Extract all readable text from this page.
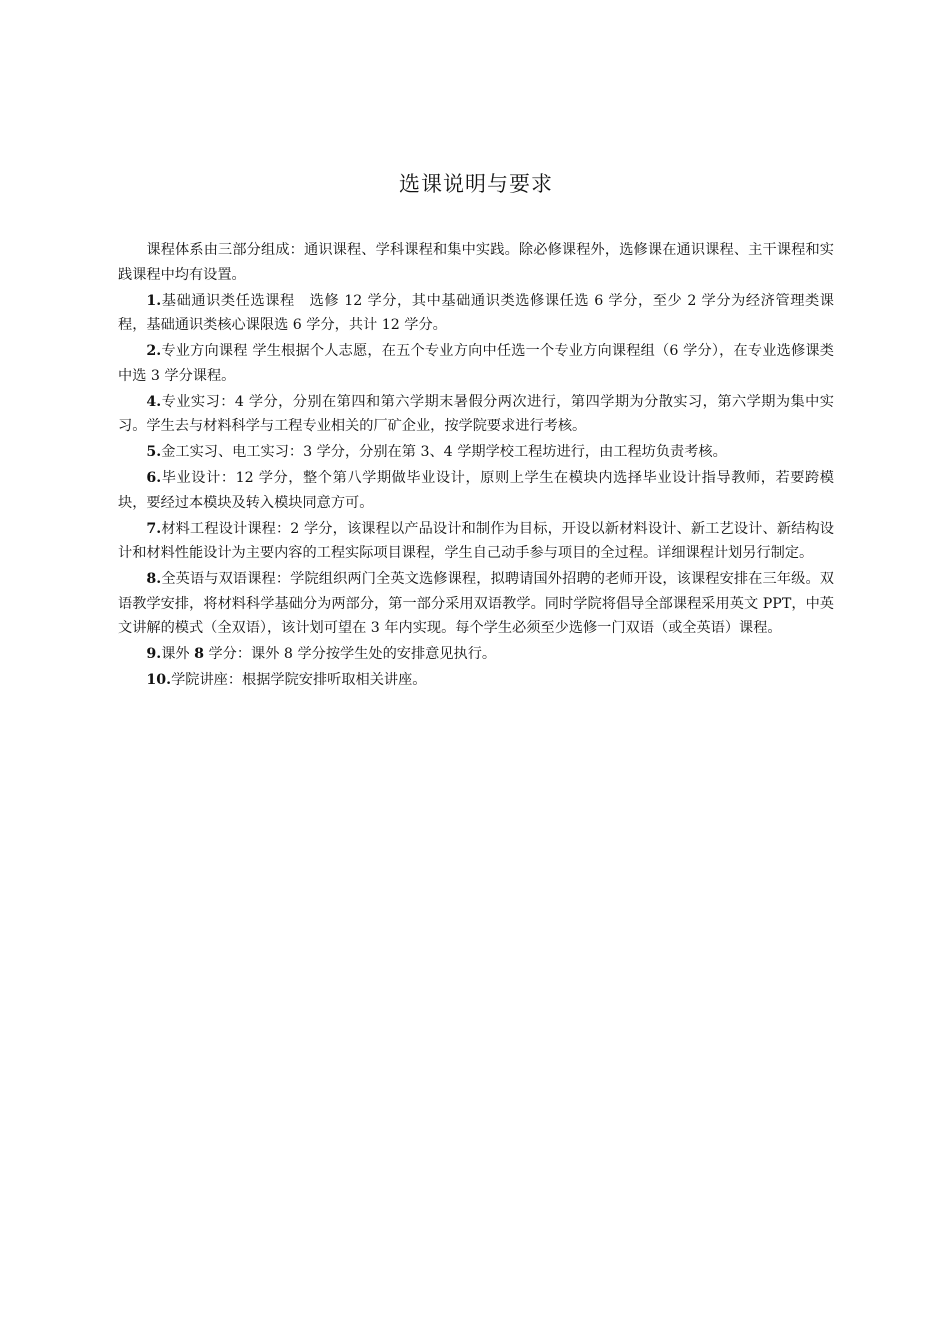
选课说明与要求

课程体系由三部分组成：通识课程、学科课程和集中实践。除必修课程外，选修课在通识课程、主干课程和实践课程中均有设置。

1.基础通识类任选课程　选修 12 学分，其中基础通识类选修课任选 6 学分，至少 2 学分为经济管理类课程，基础通识类核心课限选 6 学分，共计 12 学分。

2.专业方向课程 学生根据个人志愿，在五个专业方向中任选一个专业方向课程组（6 学分），在专业选修课类中选 3 学分课程。

4.专业实习：4 学分，分别在第四和第六学期末暑假分两次进行，第四学期为分散实习，第六学期为集中实习。学生去与材料科学与工程专业相关的厂矿企业，按学院要求进行考核。

5.金工实习、电工实习：3 学分，分别在第 3、4 学期学校工程坊进行，由工程坊负责考核。

6.毕业设计：12 学分，整个第八学期做毕业设计，原则上学生在模块内选择毕业设计指导教师，若要跨模块，要经过本模块及转入模块同意方可。

7.材料工程设计课程：2 学分，该课程以产品设计和制作为目标，开设以新材料设计、新工艺设计、新结构设计和材料性能设计为主要内容的工程实际项目课程，学生自己动手参与项目的全过程。详细课程计划另行制定。

8.全英语与双语课程：学院组织两门全英文选修课程，拟聘请国外招聘的老师开设，该课程安排在三年级。双语教学安排，将材料科学基础分为两部分，第一部分采用双语教学。同时学院将倡导全部课程采用英文 PPT，中英文讲解的模式（全双语），该计划可望在 3 年内实现。每个学生必须至少选修一门双语（或全英语）课程。

9.课外 8 学分：课外 8 学分按学生处的安排意见执行。

10.学院讲座：根据学院安排听取相关讲座。
